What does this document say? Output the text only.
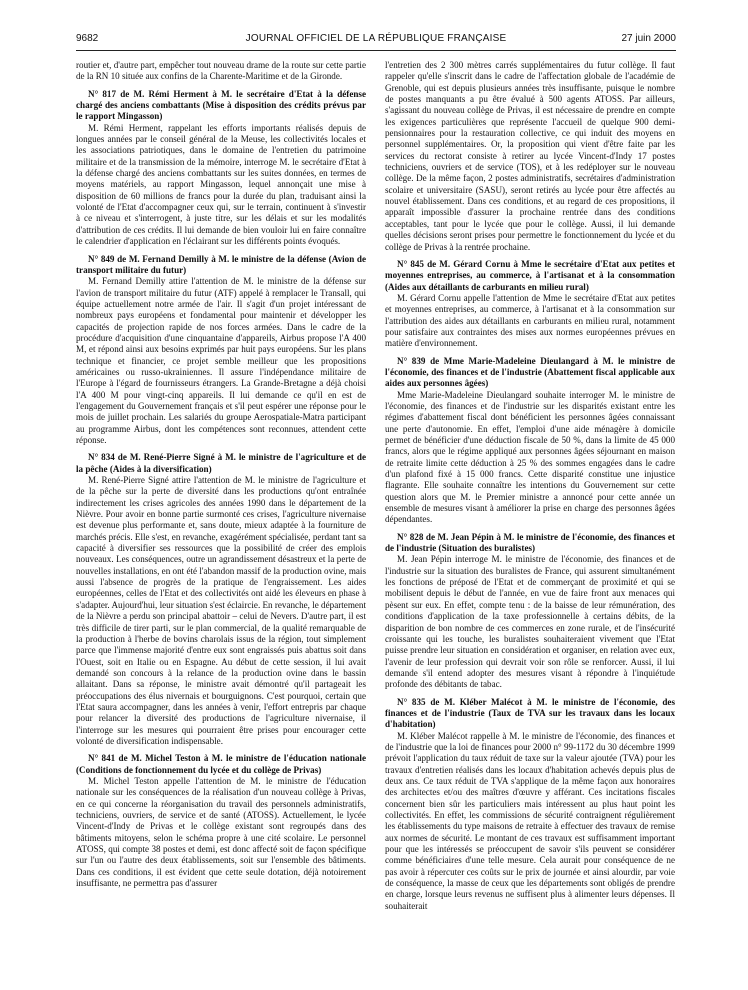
9682	JOURNAL OFFICIEL DE LA RÉPUBLIQUE FRANÇAISE	27 juin 2000

routier et, d'autre part, empêcher tout nouveau drame de la route sur cette partie de la RN 10 située aux confins de la Charente-Maritime et de la Gironde.

N° 817 de M. Rémi Herment à M. le secrétaire d'Etat à la défense chargé des anciens combattants (Mise à disposition des crédits prévus par le rapport Mingasson)

M. Rémi Herment, rappelant les efforts importants réalisés depuis de longues années par le conseil général de la Meuse, les collectivités locales et les associations patriotiques, dans le domaine de l'entretien du patrimoine militaire et de la transmission de la mémoire, interroge M. le secrétaire d'Etat à la défense chargé des anciens combattants sur les suites données, en termes de moyens matériels, au rapport Mingasson, lequel annonçait une mise à disposition de 60 millions de francs pour la durée du plan, traduisant ainsi la volonté de l'Etat d'accompagner ceux qui, sur le terrain, continuent à s'investir à ce niveau et s'interrogent, à juste titre, sur les délais et sur les modalités d'attribution de ces crédits. Il lui demande de bien vouloir lui en faire connaître le calendrier d'application en l'éclairant sur les différents points évoqués.

N° 849 de M. Fernand Demilly à M. le ministre de la défense (Avion de transport militaire du futur)

M. Fernand Demilly attire l'attention de M. le ministre de la défense sur l'avion de transport militaire du futur (ATF) appelé à remplacer le Transall, qui équipe actuellement notre armée de l'air. Il s'agit d'un projet intéressant de nombreux pays européens et fondamental pour maintenir et développer les capacités de projection rapide de nos forces armées. Dans le cadre de la procédure d'acquisition d'une cinquantaine d'appareils, Airbus propose l'A 400 M, et répond ainsi aux besoins exprimés par huit pays européens. Sur les plans technique et financier, ce projet semble meilleur que les propositions américaines ou russo-ukrainiennes. Il assure l'indépendance militaire de l'Europe à l'égard de fournisseurs étrangers. La Grande-Bretagne a déjà choisi l'A 400 M pour vingt-cinq appareils. Il lui demande ce qu'il en est de l'engagement du Gouvernement français et s'il peut espérer une réponse pour le mois de juillet prochain. Les salariés du groupe Aerospatiale-Matra participant au programme Airbus, dont les compétences sont reconnues, attendent cette réponse.

N° 834 de M. René-Pierre Signé à M. le ministre de l'agriculture et de la pêche (Aides à la diversification)

M. René-Pierre Signé attire l'attention de M. le ministre de l'agriculture et de la pêche sur la perte de diversité dans les productions qu'ont entraînée indirectement les crises agricoles des années 1990 dans le département de la Nièvre. Pour avoir en bonne partie surmonté ces crises, l'agriculture nivernaise est devenue plus performante et, sans doute, mieux adaptée à la fourniture de marchés précis. Elle s'est, en revanche, exagérément spécialisée, perdant tant sa capacité à diversifier ses ressources que la possibilité de créer des emplois nouveaux. Les conséquences, outre un agrandissement désastreux et la perte de nouvelles installations, en ont été l'abandon massif de la production ovine, mais aussi l'absence de progrès de la pratique de l'engraissement. Les aides européennes, celles de l'Etat et des collectivités ont aidé les éleveurs en phase à s'adapter. Aujourd'hui, leur situation s'est éclaircie. En revanche, le département de la Nièvre a perdu son principal abattoir – celui de Nevers. D'autre part, il est très difficile de tirer parti, sur le plan commercial, de la qualité remarquable de la production à l'herbe de bovins charolais issus de la région, tout simplement parce que l'immense majorité d'entre eux sont engraissés puis abattus soit dans l'Ouest, soit en Italie ou en Espagne. Au début de cette session, il lui avait demandé son concours à la relance de la production ovine dans le bassin allaitant. Dans sa réponse, le ministre avait démontré qu'il partageait les préoccupations des élus nivernais et bourguignons. C'est pourquoi, certain que l'Etat saura accompagner, dans les années à venir, l'effort entrepris par chaque pour relancer la diversité des productions de l'agriculture nivernaise, il l'interroge sur les mesures qui pourraient être prises pour encourager cette volonté de diversification indispensable.

N° 841 de M. Michel Teston à M. le ministre de l'éducation nationale (Conditions de fonctionnement du lycée et du collège de Privas)

M. Michel Teston appelle l'attention de M. le ministre de l'éducation nationale sur les conséquences de la réalisation d'un nouveau collège à Privas, en ce qui concerne la réorganisation du travail des personnels administratifs, techniciens, ouvriers, de service et de santé (ATOSS). Actuellement, le lycée Vincent-d'Indy de Privas et le collège existant sont regroupés dans des bâtiments mitoyens, selon le schéma propre à une cité scolaire. Le personnel ATOSS, qui compte 38 postes et demi, est donc affecté soit de façon spécifique sur l'un ou l'autre des deux établissements, soit sur l'ensemble des bâtiments. Dans ces conditions, il est évident que cette seule dotation, déjà notoirement insuffisante, ne permettra pas d'assurer

l'entretien des 2 300 mètres carrés supplémentaires du futur collège. Il faut rappeler qu'elle s'inscrit dans le cadre de l'affectation globale de l'académie de Grenoble, qui est depuis plusieurs années très insuffisante, puisque le nombre de postes manquants a pu être évalué à 500 agents ATOSS. Par ailleurs, s'agissant du nouveau collège de Privas, il est nécessaire de prendre en compte les exigences particulières que représente l'accueil de quelque 900 demi-pensionnaires pour la restauration collective, ce qui induit des moyens en personnel supplémentaires. Or, la proposition qui vient d'être faite par les services du rectorat consiste à retirer au lycée Vincent-d'Indy 17 postes techniciens, ouvriers et de service (TOS), et à les redéployer sur le nouveau collège. De la même façon, 2 postes administratifs, secrétaires d'administration scolaire et universitaire (SASU), seront retirés au lycée pour être affectés au nouvel établissement. Dans ces conditions, et au regard de ces propositions, il apparaît impossible d'assurer la prochaine rentrée dans des conditions acceptables, tant pour le lycée que pour le collège. Aussi, il lui demande quelles décisions seront prises pour permettre le fonctionnement du lycée et du collège de Privas à la rentrée prochaine.

N° 845 de M. Gérard Cornu à Mme le secrétaire d'Etat aux petites et moyennes entreprises, au commerce, à l'artisanat et à la consommation (Aides aux détaillants de carburants en milieu rural)

M. Gérard Cornu appelle l'attention de Mme le secrétaire d'Etat aux petites et moyennes entreprises, au commerce, à l'artisanat et à la consommation sur l'attribution des aides aux détaillants en carburants en milieu rural, notamment pour satisfaire aux contraintes des mises aux normes européennes prévues en matière d'environnement.

N° 839 de Mme Marie-Madeleine Dieulangard à M. le ministre de l'économie, des finances et de l'industrie (Abattement fiscal applicable aux aides aux personnes âgées)

Mme Marie-Madeleine Dieulangard souhaite interroger M. le ministre de l'économie, des finances et de l'industrie sur les disparités existant entre les régimes d'abattement fiscal dont bénéficient les personnes âgées connaissant une perte d'autonomie. En effet, l'emploi d'une aide ménagère à domicile permet de bénéficier d'une déduction fiscale de 50 %, dans la limite de 45 000 francs, alors que le régime appliqué aux personnes âgées séjournant en maison de retraite limite cette déduction à 25 % des sommes engagées dans le cadre d'un plafond fixé à 15 000 francs. Cette disparité constitue une injustice flagrante. Elle souhaite connaître les intentions du Gouvernement sur cette question alors que M. le Premier ministre a annoncé pour cette année un ensemble de mesures visant à améliorer la prise en charge des personnes âgées dépendantes.

N° 828 de M. Jean Pépin à M. le ministre de l'économie, des finances et de l'industrie (Situation des buralistes)

M. Jean Pépin interroge M. le ministre de l'économie, des finances et de l'industrie sur la situation des buralistes de France, qui assurent simultanément les fonctions de préposé de l'Etat et de commerçant de proximité et qui se mobilisent depuis le début de l'année, en vue de faire front aux menaces qui pèsent sur eux. En effet, compte tenu : de la baisse de leur rémunération, des conditions d'application de la taxe professionnelle à certains débits, de la disparition de bon nombre de ces commerces en zone rurale, et de l'insécurité croissante qui les touche, les buralistes souhaiteraient vivement que l'Etat puisse prendre leur situation en considération et organiser, en relation avec eux, l'avenir de leur profession qui devrait voir son rôle se renforcer. Aussi, il lui demande s'il entend adopter des mesures visant à répondre à l'inquiétude profonde des débitants de tabac.

N° 835 de M. Kléber Malécot à M. le ministre de l'économie, des finances et de l'industrie (Taux de TVA sur les travaux dans les locaux d'habitation)

M. Kléber Malécot rappelle à M. le ministre de l'économie, des finances et de l'industrie que la loi de finances pour 2000 n° 99-1172 du 30 décembre 1999 prévoit l'application du taux réduit de taxe sur la valeur ajoutée (TVA) pour les travaux d'entretien réalisés dans les locaux d'habitation achevés depuis plus de deux ans. Ce taux réduit de TVA s'applique de la même façon aux honoraires des architectes et/ou des maîtres d'œuvre y afférant. Ces incitations fiscales concernent bien sûr les particuliers mais intéressent au plus haut point les collectivités. En effet, les commissions de sécurité contraignent régulièrement les établissements du type maisons de retraite à effectuer des travaux de remise aux normes de sécurité. Le montant de ces travaux est suffisamment important pour que les intéressés se préoccupent de savoir s'ils peuvent se considérer comme bénéficiaires d'une telle mesure. Cela aurait pour conséquence de ne pas avoir à répercuter ces coûts sur le prix de journée et ainsi alourdir, par voie de conséquence, la masse de ceux que les départements sont obligés de prendre en charge, lorsque leurs revenus ne suffisent plus à alimenter leurs dépenses. Il souhaiterait
